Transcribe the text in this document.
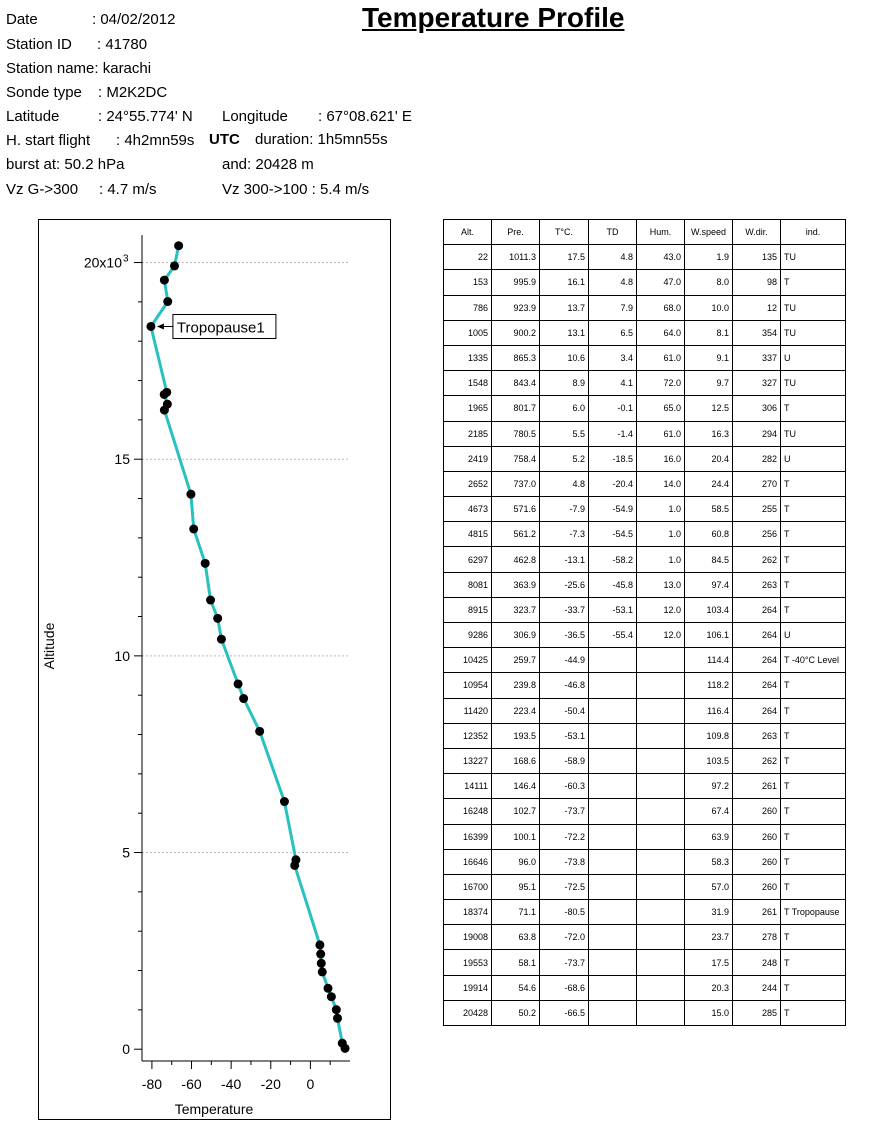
Temperature Profile
Date	: 04/02/2012
Station ID : 41780
Station name: karachi
Sonde type : M2K2DC
Latitude	: 24°55.774' N Longitude : 67°08.621' E
H. start flight : 4h2mn59s UTC duration: 1h5mn55s
burst at: 50.2 hPa	and: 20428 m
Vz G->300 : 4.7 m/s	Vz 300->100 : 5.4 m/s
0
5
10
15
20x10 3
-80 -60 -40 -20 0
Tropopause1
Temperature
Altitude
Alt.	Pre.	T°C.	TD	Hum.	W.speed	W.dir.	ind.
22	1011.3	17.5	4.8	43.0	1.9	135	TU
153	995.9	16.1	4.8	47.0	8.0	98	T
786	923.9	13.7	7.9	68.0	10.0	12	TU
1005	900.2	13.1	6.5	64.0	8.1	354	TU
1335	865.3	10.6	3.4	61.0	9.1	337	U
1548	843.4	8.9	4.1	72.0	9.7	327	TU
1965	801.7	6.0	-0.1	65.0	12.5	306	T
2185	780.5	5.5	-1.4	61.0	16.3	294	TU
2419	758.4	5.2	-18.5	16.0	20.4	282	U
2652	737.0	4.8	-20.4	14.0	24.4	270	T
4673	571.6	-7.9	-54.9	1.0	58.5	255	T
4815	561.2	-7.3	-54.5	1.0	60.8	256	T
6297	462.8	-13.1	-58.2	1.0	84.5	262	T
8081	363.9	-25.6	-45.8	13.0	97.4	263	T
8915	323.7	-33.7	-53.1	12.0	103.4	264	T
9286	306.9	-36.5	-55.4	12.0	106.1	264	U
10425	259.7	-44.9			114.4	264	T -40°C Level
10954	239.8	-46.8			118.2	264	T
11420	223.4	-50.4			116.4	264	T
12352	193.5	-53.1			109.8	263	T
13227	168.6	-58.9			103.5	262	T
14111	146.4	-60.3			97.2	261	T
16248	102.7	-73.7			67.4	260	T
16399	100.1	-72.2			63.9	260	T
16646	96.0	-73.8			58.3	260	T
16700	95.1	-72.5			57.0	260	T
18374	71.1	-80.5			31.9	261	T Tropopause
19008	63.8	-72.0			23.7	278	T
19553	58.1	-73.7			17.5	248	T
19914	54.6	-68.6			20.3	244	T
20428	50.2	-66.5			15.0	285	T
